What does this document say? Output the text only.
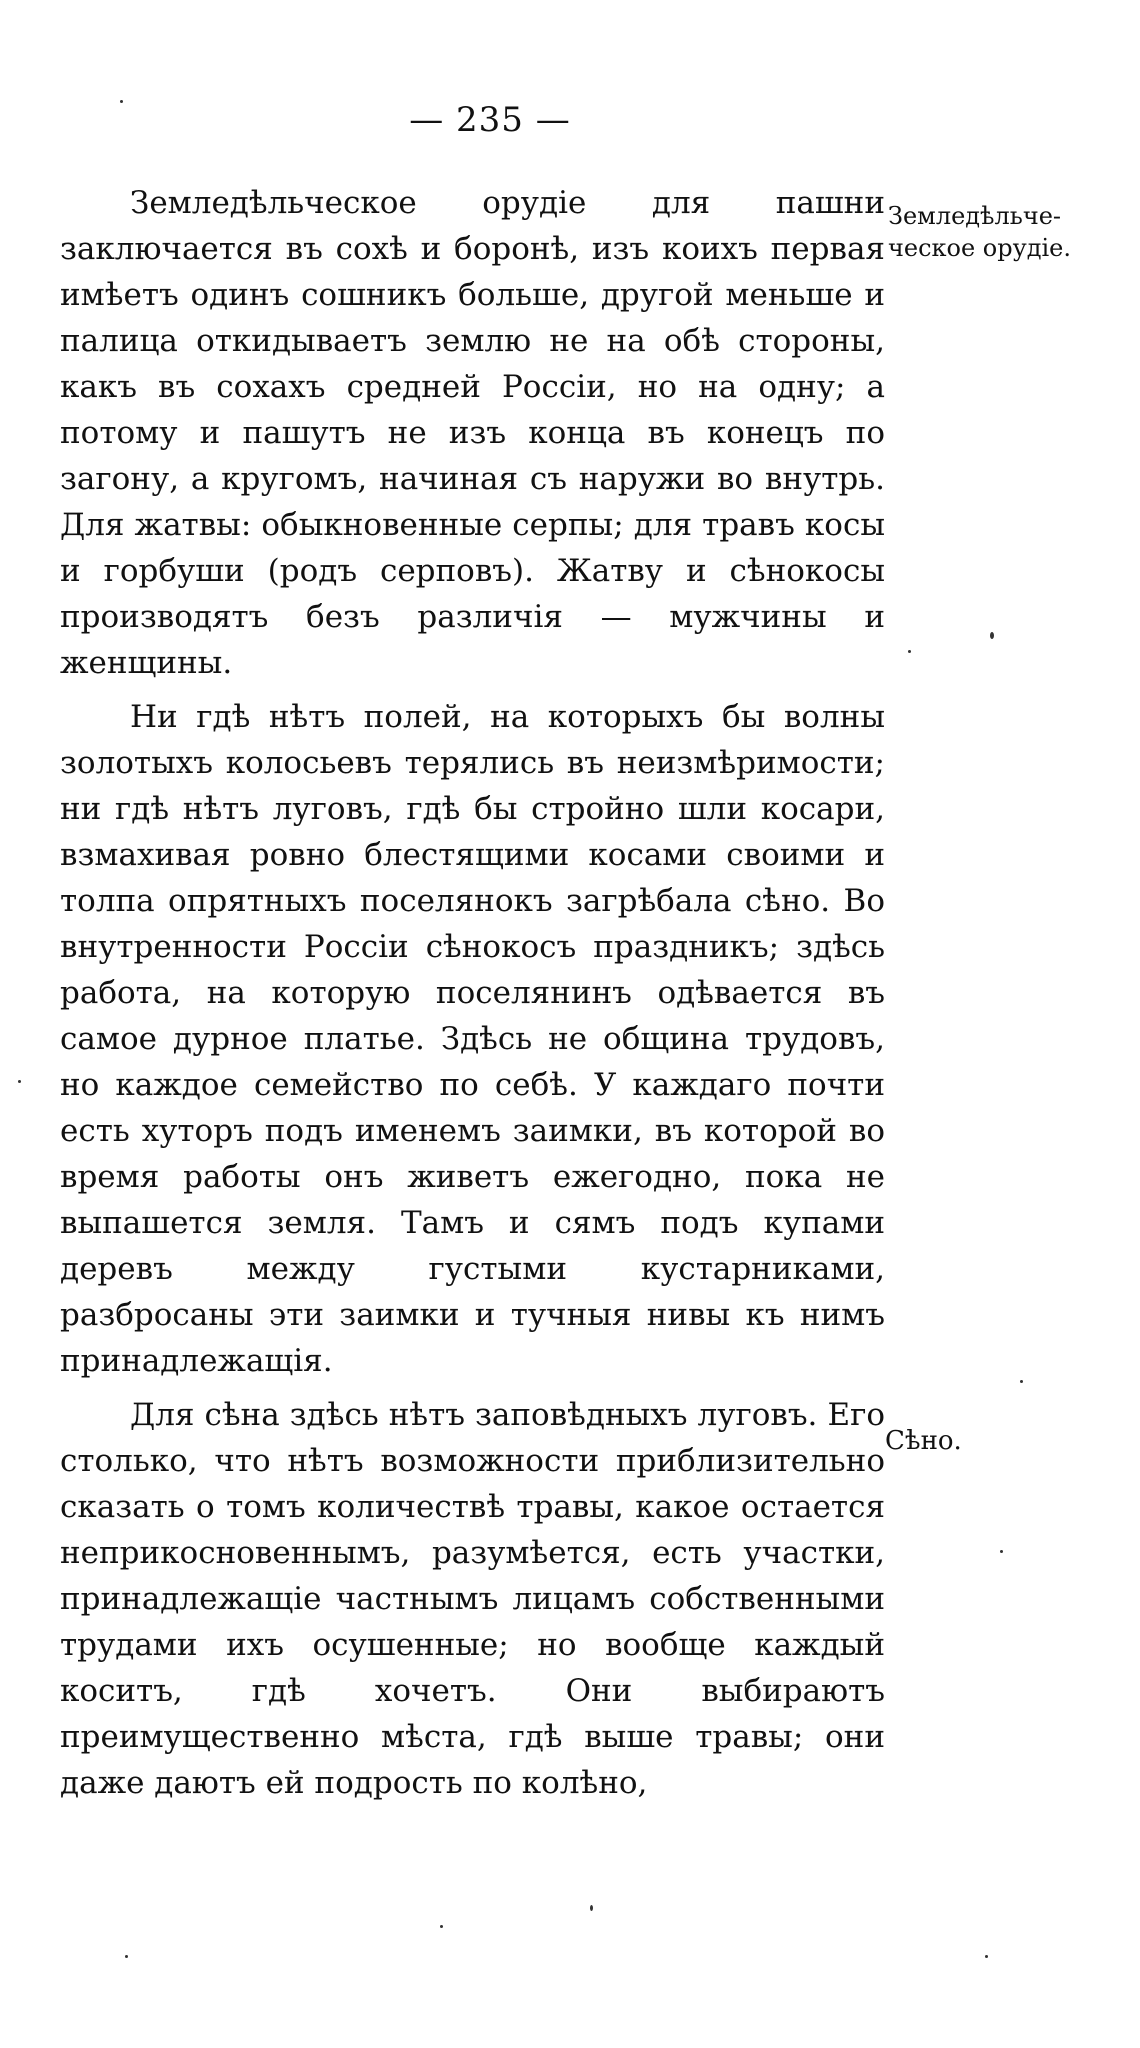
— 235 —
Земледѣльче-
ческое орудіе.
Сѣно.

Земледѣльческое орудіе для пашни заключается въ сохѣ и боронѣ, изъ коихъ первая имѣетъ одинъ сошникъ больше, другой меньше и палица откидываетъ землю не на обѣ стороны, какъ въ сохахъ средней Россіи, но на одну; а потому и пашутъ не изъ конца въ конецъ по загону, а кругомъ, начиная съ наружи во внутрь. Для жатвы: обыкновенные серпы; для травъ косы и горбуши (родъ серповъ). Жатву и сѣнокосы производятъ безъ различія — мужчины и женщины.

Ни гдѣ нѣтъ полей, на которыхъ бы волны золотыхъ колосьевъ терялись въ неизмѣримости; ни гдѣ нѣтъ луговъ, гдѣ бы стройно шли косари, взмахивая ровно блестящими косами своими и толпа опрятныхъ поселянокъ загрѣбала сѣно. Во внутренности Россіи сѣнокосъ праздникъ; здѣсь работа, на которую поселянинъ одѣвается въ самое дурное платье. Здѣсь не община трудовъ, но каждое семейство по себѣ. У каждаго почти есть хуторъ подъ именемъ заимки, въ которой во время работы онъ живетъ ежегодно, пока не выпашется земля. Тамъ и сямъ подъ купами деревъ между густыми кустарниками, разбросаны эти заимки и тучныя нивы къ нимъ принадлежащія.

Для сѣна здѣсь нѣтъ заповѣдныхъ луговъ. Его столько, что нѣтъ возможности приблизительно сказать о томъ количествѣ травы, какое остается неприкосновеннымъ, разумѣется, есть участки, принадлежащіе частнымъ лицамъ собственными трудами ихъ осушенные; но вообще каждый коситъ, гдѣ хочетъ. Они выбираютъ преимущественно мѣста, гдѣ выше травы; они даже даютъ ей подрость по колѣно,
